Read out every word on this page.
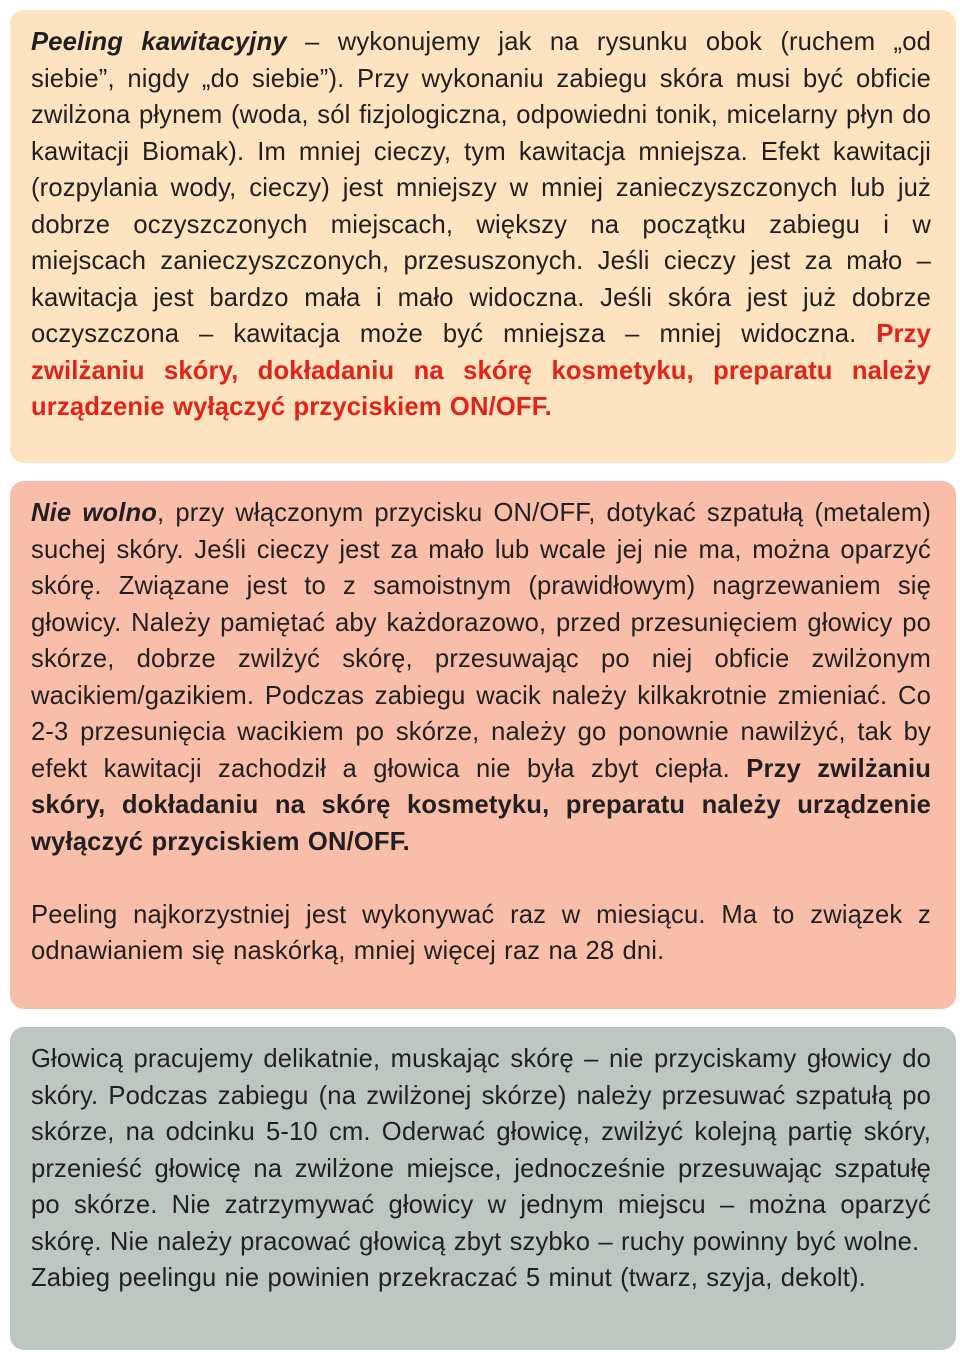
Peeling kawitacyjny – wykonujemy jak na rysunku obok (ruchem „od siebie”, nigdy „do siebie”). Przy wykonaniu zabiegu skóra musi być obficie zwilżona płynem (woda, sól fizjologiczna, odpowiedni tonik, micelarny płyn do kawitacji Biomak). Im mniej cieczy, tym kawitacja mniejsza. Efekt kawitacji (rozpylania wody, cieczy) jest mniejszy w mniej zanieczyszczonych lub już dobrze oczyszczonych miejscach, większy na początku zabiegu i w miejscach zanieczyszczonych, przesuszonych. Jeśli cieczy jest za mało – kawitacja jest bardzo mała i mało widoczna. Jeśli skóra jest już dobrze oczyszczona – kawitacja może być mniejsza – mniej widoczna. Przy zwilżaniu skóry, dokładaniu na skórę kosmetyku, preparatu należy urządzenie wyłączyć przyciskiem ON/OFF.

Nie wolno, przy włączonym przycisku ON/OFF, dotykać szpatułą (metalem) suchej skóry. Jeśli cieczy jest za mało lub wcale jej nie ma, można oparzyć skórę. Związane jest to z samoistnym (prawidłowym) nagrzewaniem się głowicy. Należy pamiętać aby każdorazowo, przed przesunięciem głowicy po skórze, dobrze zwilżyć skórę, przesuwając po niej obficie zwilżonym wacikiem/gazikiem. Podczas zabiegu wacik należy kilkakrotnie zmieniać. Co 2-3 przesunięcia wacikiem po skórze, należy go ponownie nawilżyć, tak by efekt kawitacji zachodził a głowica nie była zbyt ciepła. Przy zwilżaniu skóry, dokładaniu na skórę kosmetyku, preparatu należy urządzenie wyłączyć przyciskiem ON/OFF.

Peeling najkorzystniej jest wykonywać raz w miesiącu. Ma to związek z odnawianiem się naskórką, mniej więcej raz na 28 dni.

Głowicą pracujemy delikatnie, muskając skórę – nie przyciskamy głowicy do skóry. Podczas zabiegu (na zwilżonej skórze) należy przesuwać szpatułą po skórze, na odcinku 5-10 cm. Oderwać głowicę, zwilżyć kolejną partię skóry, przenieść głowicę na zwilżone miejsce, jednocześnie przesuwając szpatułę po skórze. Nie zatrzymywać głowicy w jednym miejscu – można oparzyć skórę. Nie należy pracować głowicą zbyt szybko – ruchy powinny być wolne.

Zabieg peelingu nie powinien przekraczać 5 minut (twarz, szyja, dekolt).
